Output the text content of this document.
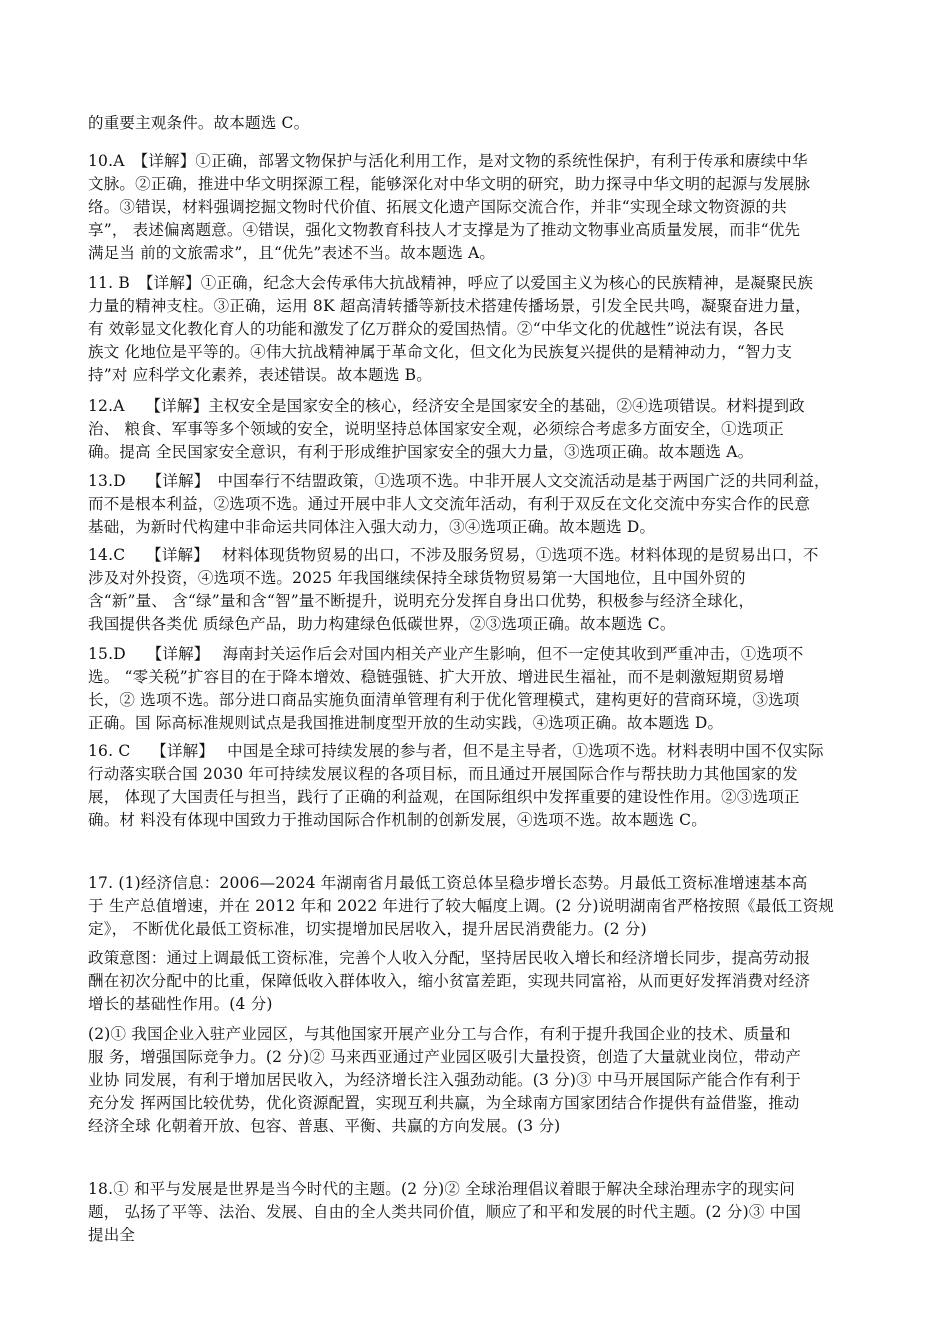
的重要主观条件。故本题选 C。
10.A　【详解】①正确，部署文物保护与活化利用工作，是对文物的系统性保护，有利于传承和赓续中华
文脉。②正确，推进中华文明探源工程，能够深化对中华文明的研究，助力探寻中华文明的起源与发展脉
络。③错误，材料强调挖掘文物时代价值、拓展文化遗产国际交流合作，并非“实现全球文物资源的共
享”， 表述偏离题意。④错误，强化文物教育科技人才支撑是为了推动文物事业高质量发展，而非“优先
满足当 前的文旅需求”，且“优先”表述不当。故本题选 A。
11. B　【详解】①正确，纪念大会传承伟大抗战精神，呼应了以爱国主义为核心的民族精神，是凝聚民族
力量的精神支柱。③正确，运用 8K 超高清转播等新技术搭建传播场景，引发全民共鸣，凝聚奋进力量，
有 效彰显文化教化育人的功能和激发了亿万群众的爱国热情。②“中华文化的优越性”说法有误，各民
族文 化地位是平等的。④伟大抗战精神属于革命文化，但文化为民族复兴提供的是精神动力，“智力支
持”对 应科学文化素养，表述错误。故本题选 B。
12.A　 【详解】主权安全是国家安全的核心，经济安全是国家安全的基础，②④选项错误。材料提到政
治、 粮食、军事等多个领域的安全，说明坚持总体国家安全观，必须综合考虑多方面安全，①选项正
确。提高 全民国家安全意识，有利于形成维护国家安全的强大力量，③选项正确。故本题选 A。
13.D　 【详解】　中国奉行不结盟政策，①选项不选。中非开展人文交流活动是基于两国广泛的共同利益，
而不是根本利益，②选项不选。通过开展中非人文交流年活动，有利于双反在文化交流中夯实合作的民意
基础，为新时代构建中非命运共同体注入强大动力，③④选项正确。故本题选 D。
14.C　 【详解】　 材料体现货物贸易的出口，不涉及服务贸易，①选项不选。材料体现的是贸易出口，不
涉及对外投资，④选项不选。2025 年我国继续保持全球货物贸易第一大国地位，且中国外贸的
含“新”量、 含“绿”量和含“智”量不断提升，说明充分发挥自身出口优势，积极参与经济全球化，
我国提供各类优 质绿色产品，助力构建绿色低碳世界，②③选项正确。故本题选 C。
15.D　 【详解】　 海南封关运作后会对国内相关产业产生影响，但不一定使其收到严重冲击，①选项不
选。 “零关税”扩容目的在于降本增效、稳链强链、扩大开放、增进民生福祉，而不是刺激短期贸易增
长，② 选项不选。部分进口商品实施负面清单管理有利于优化管理模式，建构更好的营商环境，③选项
正确。国 际高标准规则试点是我国推进制度型开放的生动实践，④选项正确。故本题选 D。
16. C　 【详解】　 中国是全球可持续发展的参与者，但不是主导者，①选项不选。材料表明中国不仅实际
行动落实联合国 2030 年可持续发展议程的各项目标，而且通过开展国际合作与帮扶助力其他国家的发
展， 体现了大国责任与担当，践行了正确的利益观，在国际组织中发挥重要的建设性作用。②③选项正
确。材 料没有体现中国致力于推动国际合作机制的创新发展，④选项不选。故本题选 C。
17. (1)经济信息：2006—2024 年湖南省月最低工资总体呈稳步增长态势。月最低工资标准增速基本高
于 生产总值增速，并在 2012 年和 2022 年进行了较大幅度上调。(2 分)说明湖南省严格按照《最低工资规
定》， 不断优化最低工资标准，切实提增加民居收入，提升居民消费能力。(2 分)
政策意图：通过上调最低工资标准，完善个人收入分配，坚持居民收入增长和经济增长同步，提高劳动报
酬在初次分配中的比重，保障低收入群体收入，缩小贫富差距，实现共同富裕，从而更好发挥消费对经济
增长的基础性作用。(4 分)
(2)① 我国企业入驻产业园区，与其他国家开展产业分工与合作，有利于提升我国企业的技术、质量和
服 务，增强国际竞争力。(2 分)② 马来西亚通过产业园区吸引大量投资，创造了大量就业岗位，带动产
业协 同发展，有利于增加居民收入，为经济增长注入强劲动能。(3 分)③ 中马开展国际产能合作有利于
充分发 挥两国比较优势，优化资源配置，实现互利共赢，为全球南方国家团结合作提供有益借鉴，推动
经济全球 化朝着开放、包容、普惠、平衡、共赢的方向发展。(3 分)
18.① 和平与发展是世界是当今时代的主题。(2 分)② 全球治理倡议着眼于解决全球治理赤字的现实问
题， 弘扬了平等、法治、发展、自由的全人类共同价值，顺应了和平和发展的时代主题。(2 分)③ 中国
提出全
